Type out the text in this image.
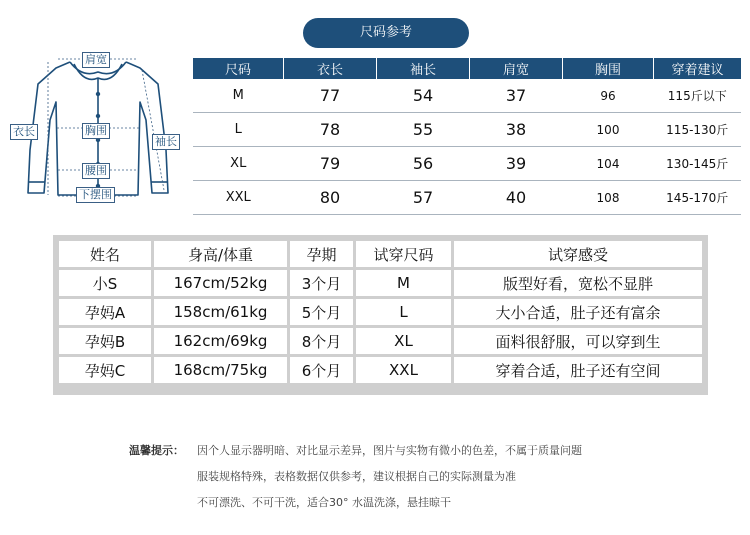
尺码参考
肩宽
衣长	胸围
袖长
腰围
下摆围
尺码	衣长	袖长	肩宽	胸围	穿着建议
M	77	54	37	96	115斤以下
L	78	55	38	100	115-130斤
XL	79	56	39	104	130-145斤
XXL	80	57	40	108	145-170斤
姓名	身高/体重	孕期	试穿尺码	试穿感受
小S	167cm/52kg	3个月	M	版型好看，宽松不显胖
孕妈A	158cm/61kg	5个月	L	大小合适，肚子还有富余
孕妈B	162cm/69kg	8个月	XL	面料很舒服，可以穿到生
孕妈C	168cm/75kg	6个月	XXL	穿着合适，肚子还有空间
温馨提示： 因个人显示器明暗、对比显示差异，图片与实物有微小的色差，不属于质量问题
服装规格特殊，表格数据仅供参考，建议根据自己的实际测量为准
不可漂洗、不可干洗，适合30° 水温洗涤，悬挂晾干
